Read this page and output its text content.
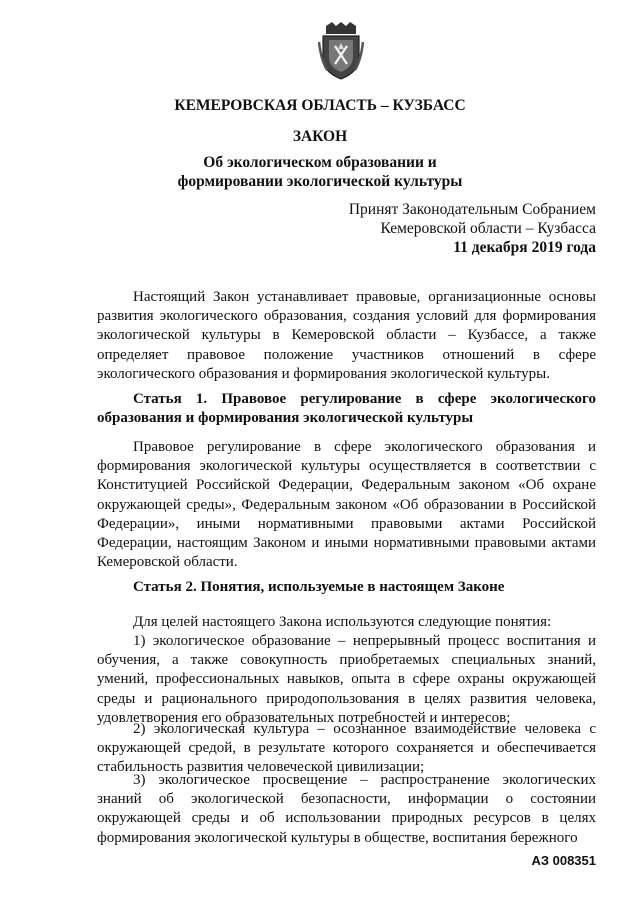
КЕМЕРОВСКАЯ ОБЛАСТЬ – КУЗБАСС
ЗАКОН
Об экологическом образовании и
формировании экологической культуры
Принят Законодательным Собранием
Кемеровской области – Кузбасса
11 декабря 2019 года
Настоящий Закон устанавливает правовые, организационные основы развития экологического образования, создания условий для формирования экологической культуры в Кемеровской области – Кузбассе, а также определяет правовое положение участников отношений в сфере экологического образования и формирования экологической культуры.
Статья 1. Правовое регулирование в сфере экологического образования и формирования экологической культуры
Правовое регулирование в сфере экологического образования и формирования экологической культуры осуществляется в соответствии с Конституцией Российской Федерации, Федеральным законом «Об охране окружающей среды», Федеральным законом «Об образовании в Российской Федерации», иными нормативными правовыми актами Российской Федерации, настоящим Законом и иными нормативными правовыми актами Кемеровской области.
Статья 2. Понятия, используемые в настоящем Законе
Для целей настоящего Закона используются следующие понятия:
1) экологическое образование – непрерывный процесс воспитания и обучения, а также совокупность приобретаемых специальных знаний, умений, профессиональных навыков, опыта в сфере охраны окружающей среды и рационального природопользования в целях развития человека, удовлетворения его образовательных потребностей и интересов;
2) экологическая культура – осознанное взаимодействие человека с окружающей средой, в результате которого сохраняется и обеспечивается стабильность развития человеческой цивилизации;
3) экологическое просвещение – распространение экологических знаний об экологической безопасности, информации о состоянии окружающей среды и об использовании природных ресурсов в целях формирования экологической культуры в обществе, воспитания бережного
АЗ 008351
